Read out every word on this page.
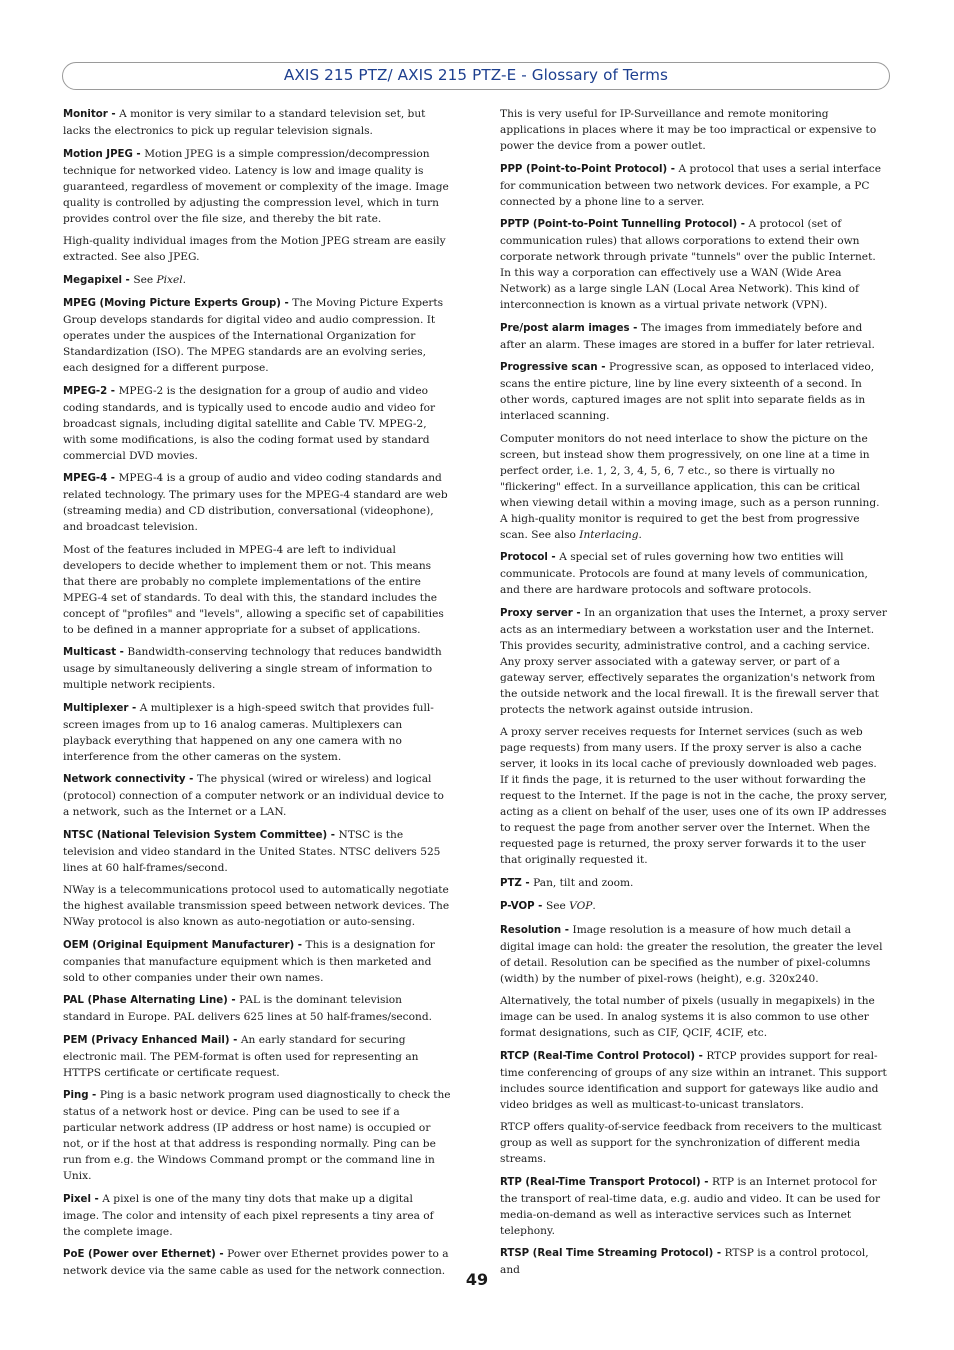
AXIS 215 PTZ/ AXIS 215 PTZ-E - Glossary of Terms

Monitor - A monitor is very similar to a standard television set, but lacks the electronics to pick up regular television signals.

Motion JPEG - Motion JPEG is a simple compression/decompression technique for networked video. Latency is low and image quality is guaranteed, regardless of movement or complexity of the image. Image quality is controlled by adjusting the compression level, which in turn provides control over the file size, and thereby the bit rate.

High-quality individual images from the Motion JPEG stream are easily extracted. See also JPEG.

Megapixel - See Pixel.

MPEG (Moving Picture Experts Group) - The Moving Picture Experts Group develops standards for digital video and audio compression. It operates under the auspices of the International Organization for Standardization (ISO). The MPEG standards are an evolving series, each designed for a different purpose.

MPEG-2 - MPEG-2 is the designation for a group of audio and video coding standards, and is typically used to encode audio and video for broadcast signals, including digital satellite and Cable TV. MPEG-2, with some modifications, is also the coding format used by standard commercial DVD movies.

MPEG-4 - MPEG-4 is a group of audio and video coding standards and related technology. The primary uses for the MPEG-4 standard are web (streaming media) and CD distribution, conversational (videophone), and broadcast television.

Most of the features included in MPEG-4 are left to individual developers to decide whether to implement them or not. This means that there are probably no complete implementations of the entire MPEG-4 set of standards. To deal with this, the standard includes the concept of "profiles" and "levels", allowing a specific set of capabilities to be defined in a manner appropriate for a subset of applications.

Multicast - Bandwidth-conserving technology that reduces bandwidth usage by simultaneously delivering a single stream of information to multiple network recipients.

Multiplexer - A multiplexer is a high-speed switch that provides full-screen images from up to 16 analog cameras. Multiplexers can playback everything that happened on any one camera with no interference from the other cameras on the system.

Network connectivity - The physical (wired or wireless) and logical (protocol) connection of a computer network or an individual device to a network, such as the Internet or a LAN.

NTSC (National Television System Committee) - NTSC is the television and video standard in the United States. NTSC delivers 525 lines at 60 half-frames/second.

NWay is a telecommunications protocol used to automatically negotiate the highest available transmission speed between network devices. The NWay protocol is also known as auto-negotiation or auto-sensing.

OEM (Original Equipment Manufacturer) - This is a designation for companies that manufacture equipment which is then marketed and sold to other companies under their own names.

PAL (Phase Alternating Line) - PAL is the dominant television standard in Europe. PAL delivers 625 lines at 50 half-frames/second.

PEM (Privacy Enhanced Mail) - An early standard for securing electronic mail. The PEM-format is often used for representing an HTTPS certificate or certificate request.

Ping - Ping is a basic network program used diagnostically to check the status of a network host or device. Ping can be used to see if a particular network address (IP address or host name) is occupied or not, or if the host at that address is responding normally. Ping can be run from e.g. the Windows Command prompt or the command line in Unix.

Pixel - A pixel is one of the many tiny dots that make up a digital image. The color and intensity of each pixel represents a tiny area of the complete image.

PoE (Power over Ethernet) - Power over Ethernet provides power to a network device via the same cable as used for the network connection.

This is very useful for IP-Surveillance and remote monitoring applications in places where it may be too impractical or expensive to power the device from a power outlet.

PPP (Point-to-Point Protocol) - A protocol that uses a serial interface for communication between two network devices. For example, a PC connected by a phone line to a server.

PPTP (Point-to-Point Tunnelling Protocol) - A protocol (set of communication rules) that allows corporations to extend their own corporate network through private "tunnels" over the public Internet. In this way a corporation can effectively use a WAN (Wide Area Network) as a large single LAN (Local Area Network). This kind of interconnection is known as a virtual private network (VPN).

Pre/post alarm images - The images from immediately before and after an alarm. These images are stored in a buffer for later retrieval.

Progressive scan - Progressive scan, as opposed to interlaced video, scans the entire picture, line by line every sixteenth of a second. In other words, captured images are not split into separate fields as in interlaced scanning.

Computer monitors do not need interlace to show the picture on the screen, but instead show them progressively, on one line at a time in perfect order, i.e. 1, 2, 3, 4, 5, 6, 7 etc., so there is virtually no "flickering" effect. In a surveillance application, this can be critical when viewing detail within a moving image, such as a person running. A high-quality monitor is required to get the best from progressive scan. See also Interlacing.

Protocol - A special set of rules governing how two entities will communicate. Protocols are found at many levels of communication, and there are hardware protocols and software protocols.

Proxy server - In an organization that uses the Internet, a proxy server acts as an intermediary between a workstation user and the Internet. This provides security, administrative control, and a caching service. Any proxy server associated with a gateway server, or part of a gateway server, effectively separates the organization's network from the outside network and the local firewall. It is the firewall server that protects the network against outside intrusion.

A proxy server receives requests for Internet services (such as web page requests) from many users. If the proxy server is also a cache server, it looks in its local cache of previously downloaded web pages. If it finds the page, it is returned to the user without forwarding the request to the Internet. If the page is not in the cache, the proxy server, acting as a client on behalf of the user, uses one of its own IP addresses to request the page from another server over the Internet. When the requested page is returned, the proxy server forwards it to the user that originally requested it.

PTZ - Pan, tilt and zoom.

P-VOP - See VOP.

Resolution - Image resolution is a measure of how much detail a digital image can hold: the greater the resolution, the greater the level of detail. Resolution can be specified as the number of pixel-columns (width) by the number of pixel-rows (height), e.g. 320x240.

Alternatively, the total number of pixels (usually in megapixels) in the image can be used. In analog systems it is also common to use other format designations, such as CIF, QCIF, 4CIF, etc.

RTCP (Real-Time Control Protocol) - RTCP provides support for real-time conferencing of groups of any size within an intranet. This support includes source identification and support for gateways like audio and video bridges as well as multicast-to-unicast translators.

RTCP offers quality-of-service feedback from receivers to the multicast group as well as support for the synchronization of different media streams.

RTP (Real-Time Transport Protocol) - RTP is an Internet protocol for the transport of real-time data, e.g. audio and video. It can be used for media-on-demand as well as interactive services such as Internet telephony.

RTSP (Real Time Streaming Protocol) - RTSP is a control protocol, and

49
